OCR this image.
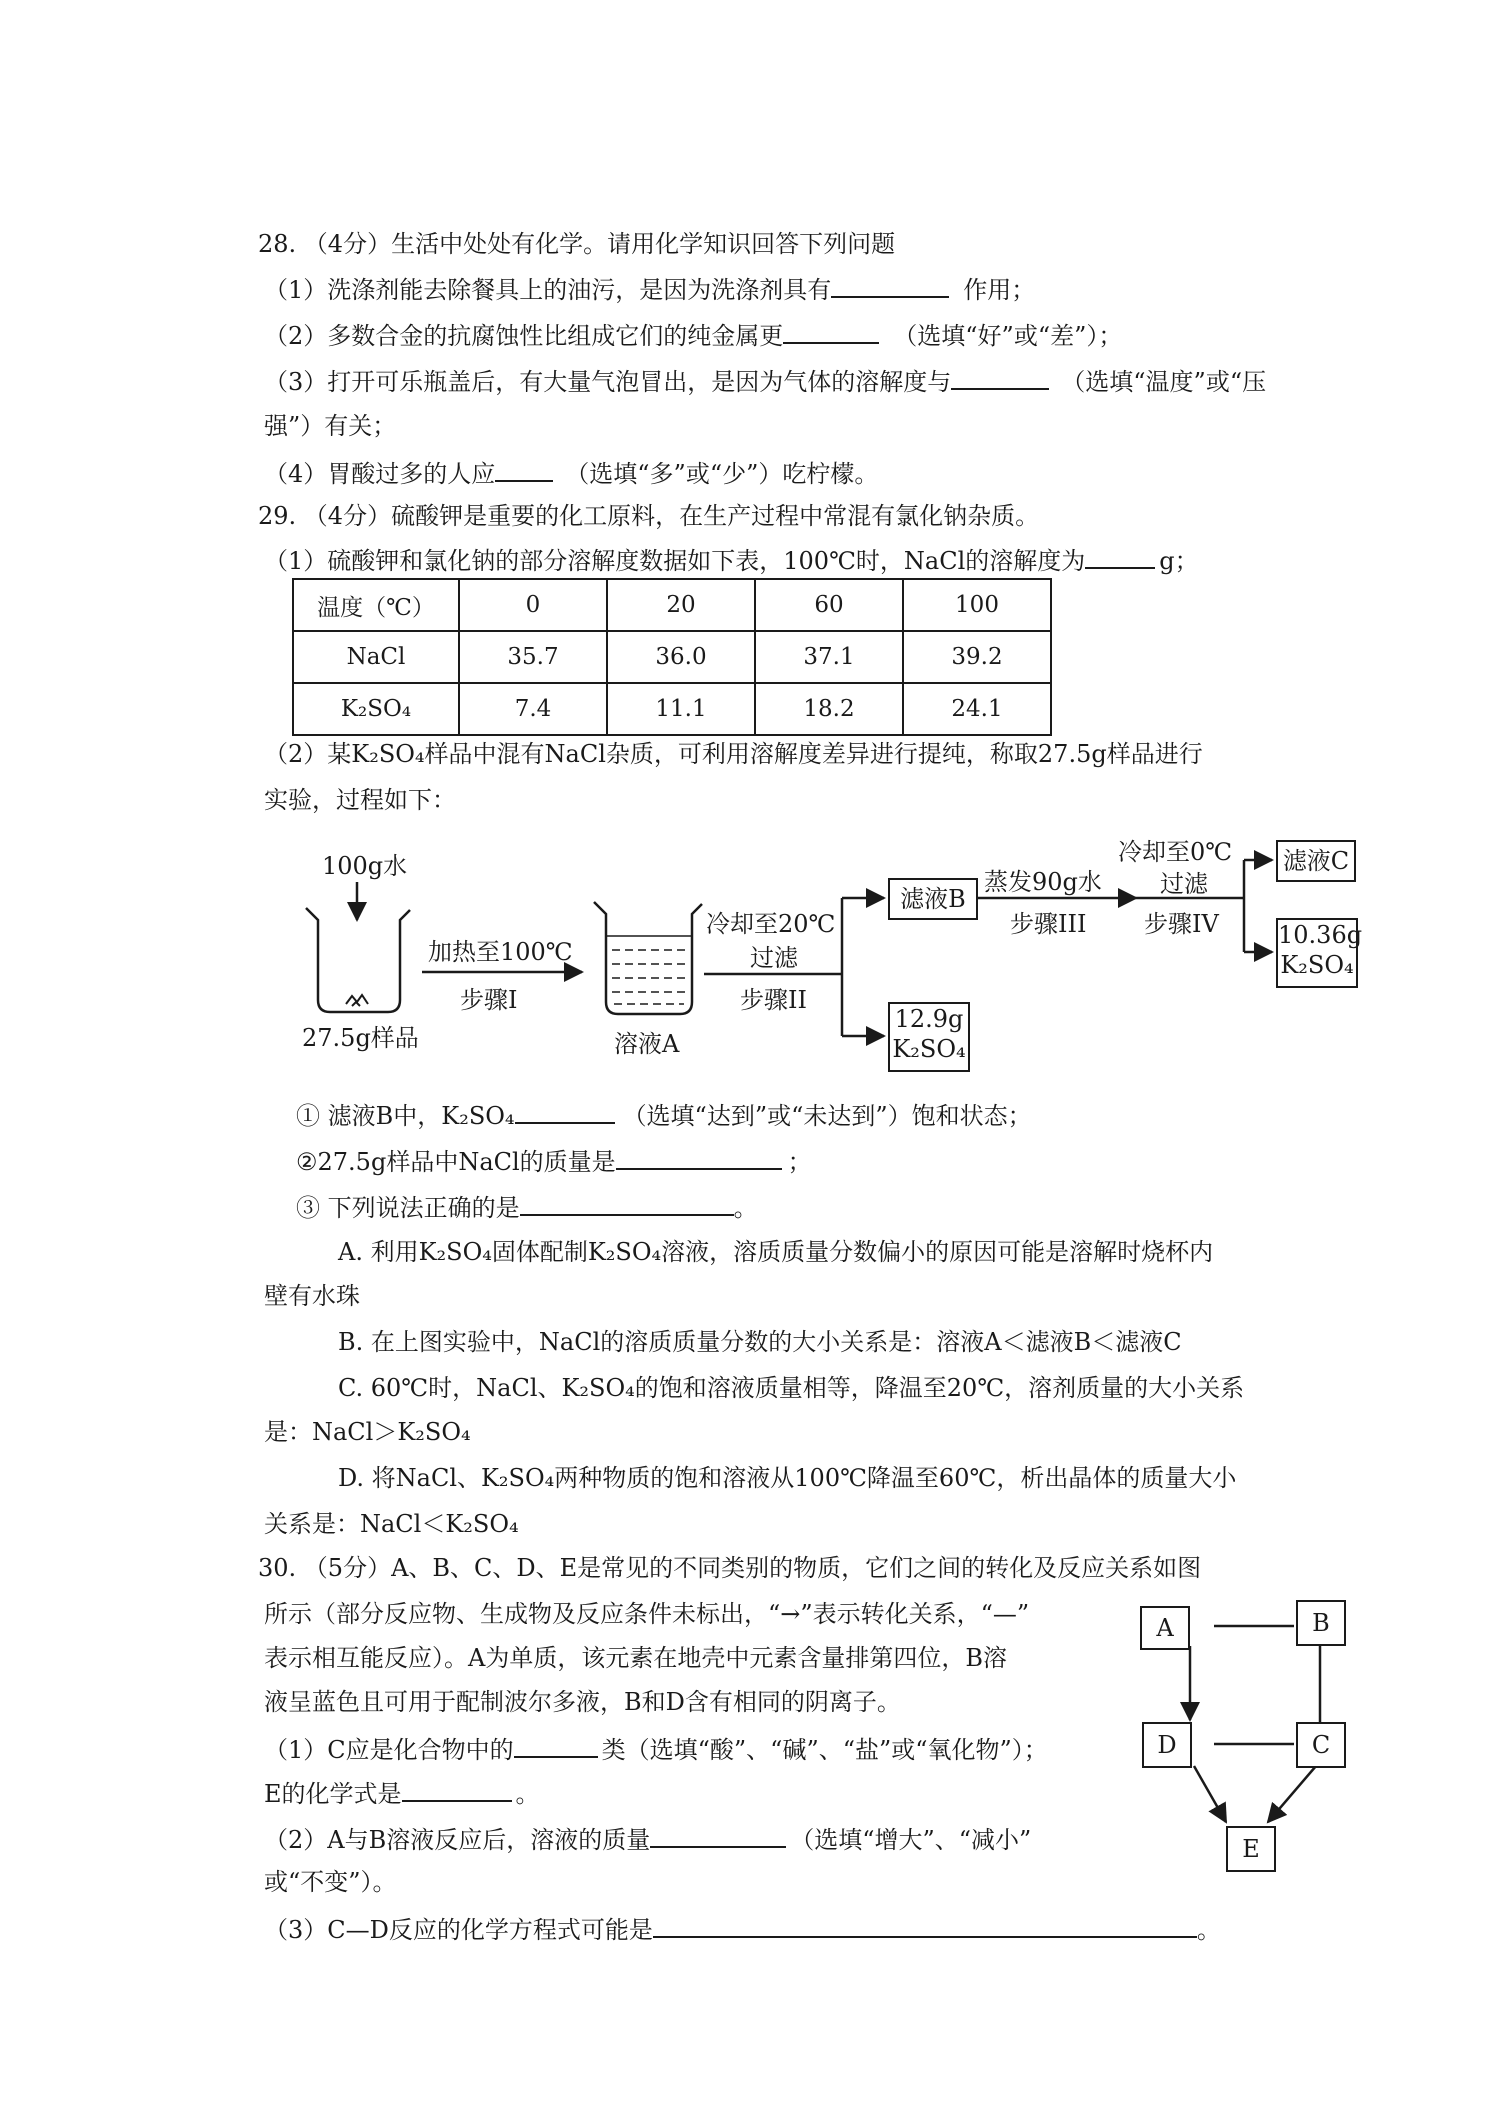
28. （4分）生活中处处有化学。请用化学知识回答下列问题
（1）洗涤剂能去除餐具上的油污，是因为洗涤剂具有	作用；
（2）多数合金的抗腐蚀性比组成它们的纯金属更	（选填“好”或“差”）；
（3）打开可乐瓶盖后，有大量气泡冒出，是因为气体的溶解度与	（选填“温度”或“压
强”）有关；
（4）胃酸过多的人应	（选填“多”或“少”）吃柠檬。
29. （4分）硫酸钾是重要的化工原料，在生产过程中常混有氯化钠杂质。
（1）硫酸钾和氯化钠的部分溶解度数据如下表，100℃时，NaCl的溶解度为	g；
温度（℃）	0	20	60	100
NaCl	35.7	36.0	37.1	39.2
K₂SO₄	7.4	11.1	18.2	24.1
（2）某K₂SO₄样品中混有NaCl杂质，可利用溶解度差异进行提纯，称取27.5g样品进行
实验，过程如下：
100g水
27.5g样品
加热至100℃
步骤I
溶液A
冷却至20℃
过滤
步骤II
滤液B
12.9g
K₂SO₄
蒸发90g水
步骤III
冷却至0℃
过滤
步骤IV
滤液C
10.36g
K₂SO₄
① 滤液B中，K₂SO₄	（选填“达到”或“未达到”）饱和状态；
②27.5g样品中NaCl的质量是	；
③ 下列说法正确的是	。
A. 利用K₂SO₄固体配制K₂SO₄溶液，溶质质量分数偏小的原因可能是溶解时烧杯内
壁有水珠
B. 在上图实验中，NaCl的溶质质量分数的大小关系是：溶液A＜滤液B＜滤液C
C. 60℃时，NaCl、K₂SO₄的饱和溶液质量相等，降温至20℃，溶剂质量的大小关系
是：NaCl＞K₂SO₄
D. 将NaCl、K₂SO₄两种物质的饱和溶液从100℃降温至60℃，析出晶体的质量大小
关系是：NaCl＜K₂SO₄
30. （5分）A、B、C、D、E是常见的不同类别的物质，它们之间的转化及反应关系如图
所示（部分反应物、生成物及反应条件未标出，“→”表示转化关系，“—”
表示相互能反应）。A为单质，该元素在地壳中元素含量排第四位，B溶
液呈蓝色且可用于配制波尔多液，B和D含有相同的阴离子。
（1）C应是化合物中的	类（选填“酸”、“碱”、“盐”或“氧化物”）；
E的化学式是	。
（2）A与B溶液反应后，溶液的质量	（选填“增大”、“减小”
或“不变”）。
（3）C—D反应的化学方程式可能是	。
A	B
D	C
E
